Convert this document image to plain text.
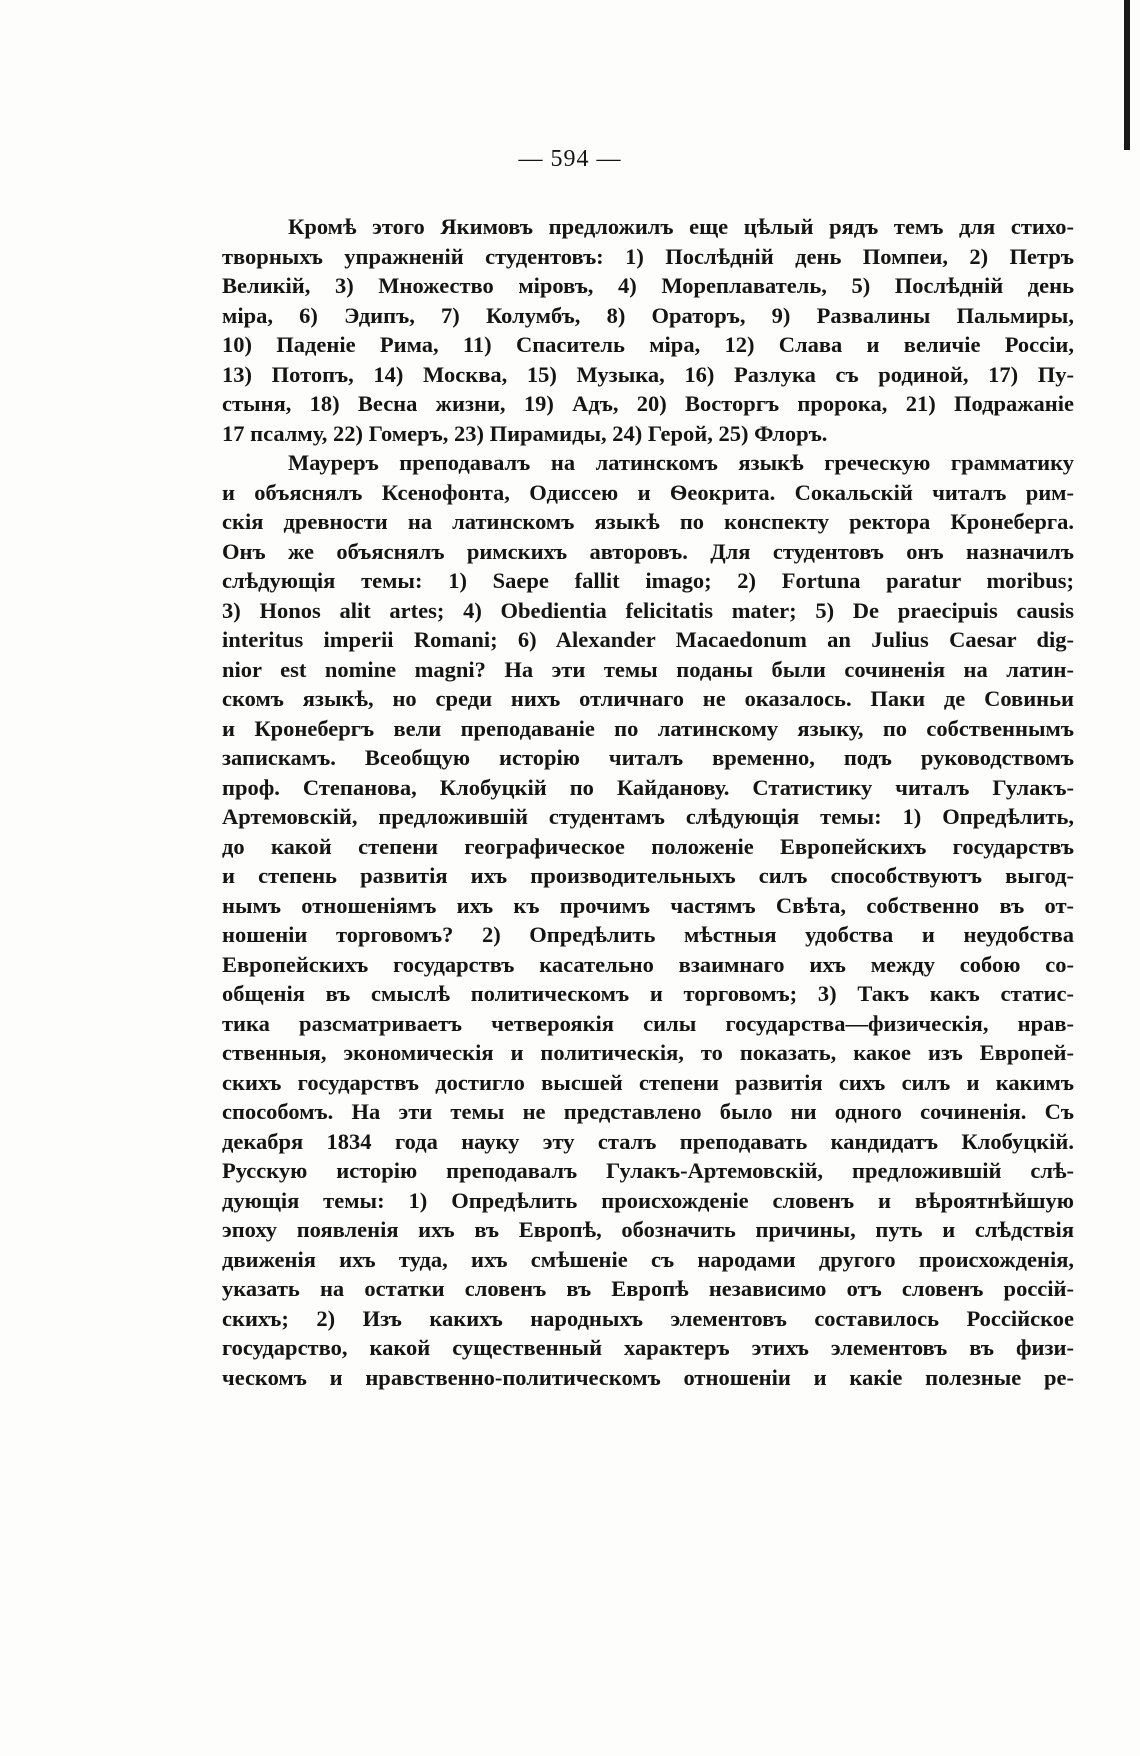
— 594 —
Кромѣ этого Якимовъ предложилъ еще цѣлый рядъ темъ для стихо-
творныхъ упражненій студентовъ: 1) Послѣдній день Помпеи, 2) Петръ
Великій, 3) Множество міровъ, 4) Мореплаватель, 5) Послѣдній день
міра, 6) Эдипъ, 7) Колумбъ, 8) Ораторъ, 9) Развалины Пальмиры,
10) Паденіе Рима, 11) Спаситель міра, 12) Слава и величіе Россіи,
13) Потопъ, 14) Москва, 15) Музыка, 16) Разлука съ родиной, 17) Пу-
стыня, 18) Весна жизни, 19) Адъ, 20) Восторгъ пророка, 21) Подражаніе
17 псалму, 22) Гомеръ, 23) Пирамиды, 24) Герой, 25) Флоръ.
Мауреръ преподавалъ на латинскомъ языкѣ греческую грамматику
и объяснялъ Ксенофонта, Одиссею и Ѳеокрита. Сокальскій читалъ рим-
скія древности на латинскомъ языкѣ по конспекту ректора Кронеберга.
Онъ же объяснялъ римскихъ авторовъ. Для студентовъ онъ назначилъ
слѣдующія темы: 1) Saepe fallit imago; 2) Fortuna paratur moribus;
3) Honos alit artes; 4) Obedientia felicitatis mater; 5) De praecipuis causis
interitus imperii Romani; 6) Alexander Macaedonum an Julius Caesar dig-
nior est nomine magni? На эти темы поданы были сочиненія на латин-
скомъ языкѣ, но среди нихъ отличнаго не оказалось. Паки де Совиньи
и Кронебергъ вели преподаваніе по латинскому языку, по собственнымъ
запискамъ. Всеобщую исторію читалъ временно, подъ руководствомъ
проф. Степанова, Клобуцкій по Кайданову. Статистику читалъ Гулакъ-
Артемовскій, предложившій студентамъ слѣдующія темы: 1) Опредѣлить,
до какой степени географическое положеніе Европейскихъ государствъ
и степень развитія ихъ производительныхъ силъ способствуютъ выгод-
нымъ отношеніямъ ихъ къ прочимъ частямъ Свѣта, собственно въ от-
ношеніи торговомъ? 2) Опредѣлить мѣстныя удобства и неудобства
Европейскихъ государствъ касательно взаимнаго ихъ между собою со-
общенія въ смыслѣ политическомъ и торговомъ; 3) Такъ какъ статис-
тика разсматриваетъ четвероякія силы государства—физическія, нрав-
ственныя, экономическія и политическія, то показать, какое изъ Европей-
скихъ государствъ достигло высшей степени развитія сихъ силъ и какимъ
способомъ. На эти темы не представлено было ни одного сочиненія. Съ
декабря 1834 года науку эту сталъ преподавать кандидатъ Клобуцкій.
Русскую исторію преподавалъ Гулакъ-Артемовскій, предложившій слѣ-
дующія темы: 1) Опредѣлить происхожденіе словенъ и вѣроятнѣйшую
эпоху появленія ихъ въ Европѣ, обозначить причины, путь и слѣдствія
движенія ихъ туда, ихъ смѣшеніе съ народами другого происхожденія,
указать на остатки словенъ въ Европѣ независимо отъ словенъ россій-
скихъ; 2) Изъ какихъ народныхъ элементовъ составилось Россійское
государство, какой существенный характеръ этихъ элементовъ въ физи-
ческомъ и нравственно-политическомъ отношеніи и какіе полезные ре-
